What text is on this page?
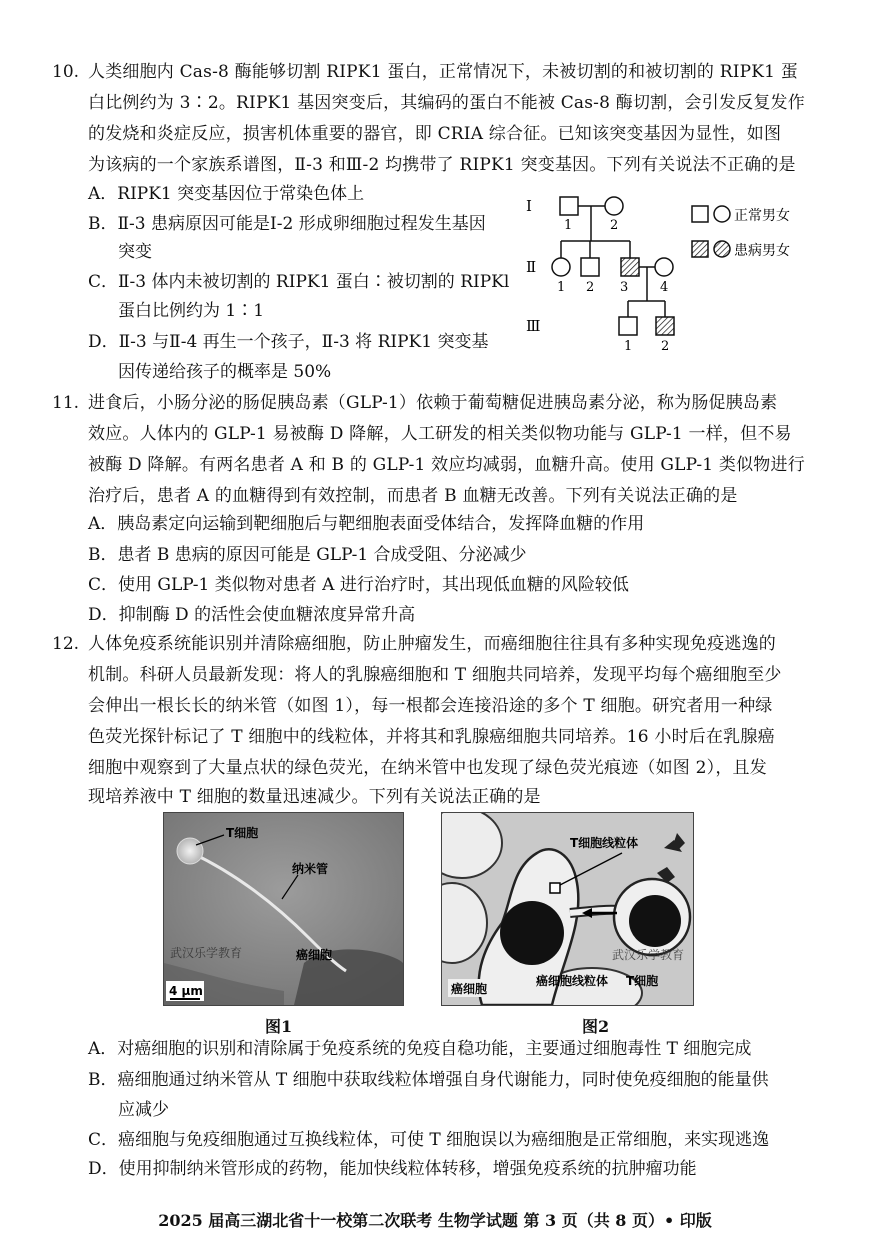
10. 人类细胞内 Cas-8 酶能够切割 RIPK1 蛋白，正常情况下，未被切割的和被切割的 RIPK1 蛋
白比例约为 3∶2。RIPK1 基因突变后，其编码的蛋白不能被 Cas-8 酶切割，会引发反复发作
的发烧和炎症反应，损害机体重要的器官，即 CRIA 综合征。已知该突变基因为显性，如图
为该病的一个家族系谱图，Ⅱ-3 和Ⅲ-2 均携带了 RIPK1 突变基因。下列有关说法不正确的是
A．RIPK1 突变基因位于常染色体上
B．Ⅱ-3 患病原因可能是Ⅰ-2 形成卵细胞过程发生基因
突变
C．Ⅱ-3 体内未被切割的 RIPK1 蛋白∶被切割的 RIPKl
蛋白比例约为 1∶1
D．Ⅱ-3 与Ⅱ-4 再生一个孩子，Ⅱ-3 将 RIPK1 突变基
因传递给孩子的概率是 50%
Ⅰ
Ⅱ
Ⅲ
1	2
1 2 3 4
1 2
正常男女
患病男女
11. 进食后，小肠分泌的肠促胰岛素（GLP-1）依赖于葡萄糖促进胰岛素分泌，称为肠促胰岛素
效应。人体内的 GLP-1 易被酶 D 降解，人工研发的相关类似物功能与 GLP-1 一样，但不易
被酶 D 降解。有两名患者 A 和 B 的 GLP-1 效应均减弱，血糖升高。使用 GLP-1 类似物进行
治疗后，患者 A 的血糖得到有效控制，而患者 B 血糖无改善。下列有关说法正确的是
A．胰岛素定向运输到靶细胞后与靶细胞表面受体结合，发挥降血糖的作用
B．患者 B 患病的原因可能是 GLP-1 合成受阻、分泌减少
C．使用 GLP-1 类似物对患者 A 进行治疗时，其出现低血糖的风险较低
D．抑制酶 D 的活性会使血糖浓度异常升高
12. 人体免疫系统能识别并清除癌细胞，防止肿瘤发生，而癌细胞往往具有多种实现免疫逃逸的
机制。科研人员最新发现：将人的乳腺癌细胞和 T 细胞共同培养，发现平均每个癌细胞至少
会伸出一根长长的纳米管（如图 1），每一根都会连接沿途的多个 T 细胞。研究者用一种绿
色荧光探针标记了 T 细胞中的线粒体，并将其和乳腺癌细胞共同培养。16 小时后在乳腺癌
细胞中观察到了大量点状的绿色荧光，在纳米管中也发现了绿色荧光痕迹（如图 2），且发
现培养液中 T 细胞的数量迅速减少。下列有关说法正确的是
T细胞
纳米管
武汉乐学教育	癌细胞
4 µm
图1
T细胞线粒体
武汉乐学教育
癌细胞
癌细胞线粒体 T细胞
图2
A．对癌细胞的识别和清除属于免疫系统的免疫自稳功能，主要通过细胞毒性 T 细胞完成
B．癌细胞通过纳米管从 T 细胞中获取线粒体增强自身代谢能力，同时使免疫细胞的能量供
应减少
C．癌细胞与免疫细胞通过互换线粒体，可使 T 细胞误以为癌细胞是正常细胞，来实现逃逸
D．使用抑制纳米管形成的药物，能加快线粒体转移，增强免疫系统的抗肿瘤功能
2025 届高三湖北省十一校第二次联考 生物学试题 第 3 页（共 8 页）• 印版
